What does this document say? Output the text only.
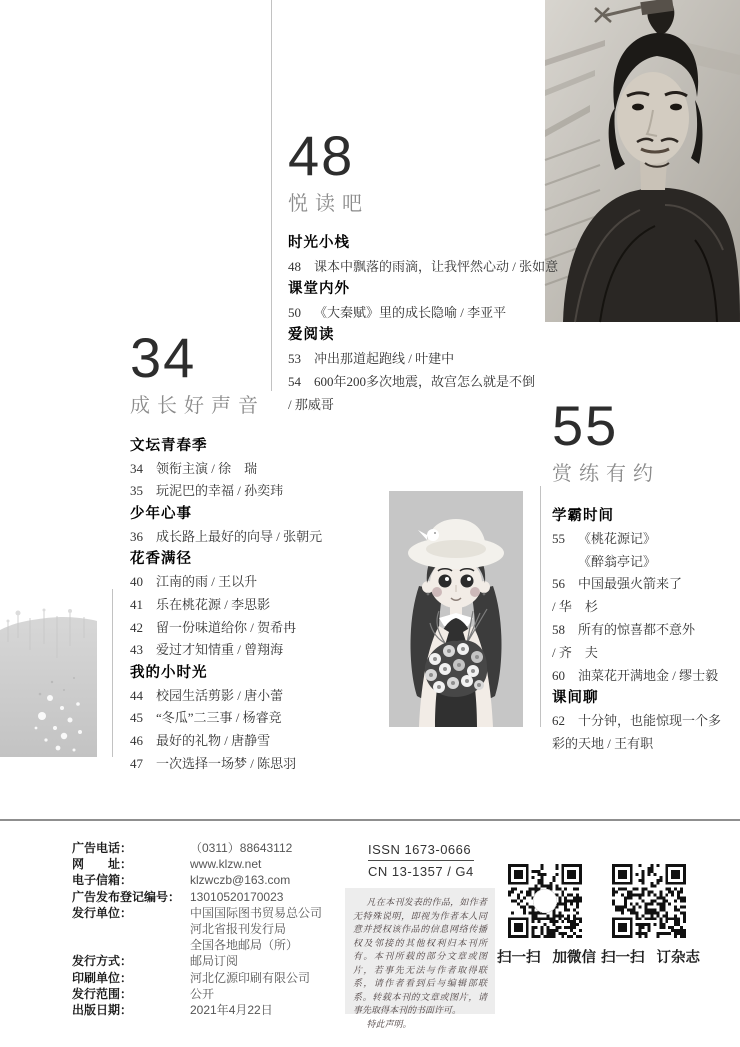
48
悦读吧
时光小栈
48 课本中飘落的雨滴，让我怦然心动 / 张如意
课堂内外
50 《大秦赋》里的成长隐喻 / 李亚平
爱阅读
53 冲出那道起跑线 / 叶建中
54 600年200多次地震，故宫怎么就是不倒
/ 那威哥
34
成长好声音
文坛青春季
34 领衔主演 / 徐　瑞
35 玩泥巴的幸福 / 孙奕玮
少年心事
36 成长路上最好的向导 / 张朝元
花香满径
40 江南的雨 / 王以升
41 乐在桃花源 / 李思影
42 留一份味道给你 / 贺希冉
43 爱过才知情重 / 曾翔海
我的小时光
44 校园生活剪影 / 唐小蕾
45 “冬瓜”二三事 / 杨睿竞
46 最好的礼物 / 唐静雪
47 一次选择一场梦 / 陈思羽
55
赏练有约
学霸时间
55 《桃花源记》
《醉翁亭记》
56 中国最强火箭来了
/ 华　杉
58 所有的惊喜都不意外
/ 齐　夫
60 油菜花开满地金 / 缪士毅
课间聊
62 十分钟，也能惊现一个多
彩的天地 / 王有职
广告电话：	（0311）88643112
网　　址：	www.klzw.net
电子信箱：	klzwczb@163.com
广告发布登记编号： 13010520170023
发行单位：	中国国际图书贸易总公司
河北省报刊发行局
全国各地邮局（所）
发行方式：	邮局订阅
印刷单位：	河北亿源印刷有限公司
发行范围：	公开
出版日期：	2021年4月22日
ISSN 1673-0666
CN 13-1357 / G4

凡在本刊发表的作品，如作者无特殊说明，即视为作者本人同意并授权该作品的信息网络传播权及邻接的其他权利归本刊所有。本刊所载的部分文章或图片，若事先无法与作者取得联系，请作者看到后与编辑部联系。转载本刊的文章或图片，请事先取得本刊的书面许可。

特此声明。

扫一扫 加微信 扫一扫 订杂志
